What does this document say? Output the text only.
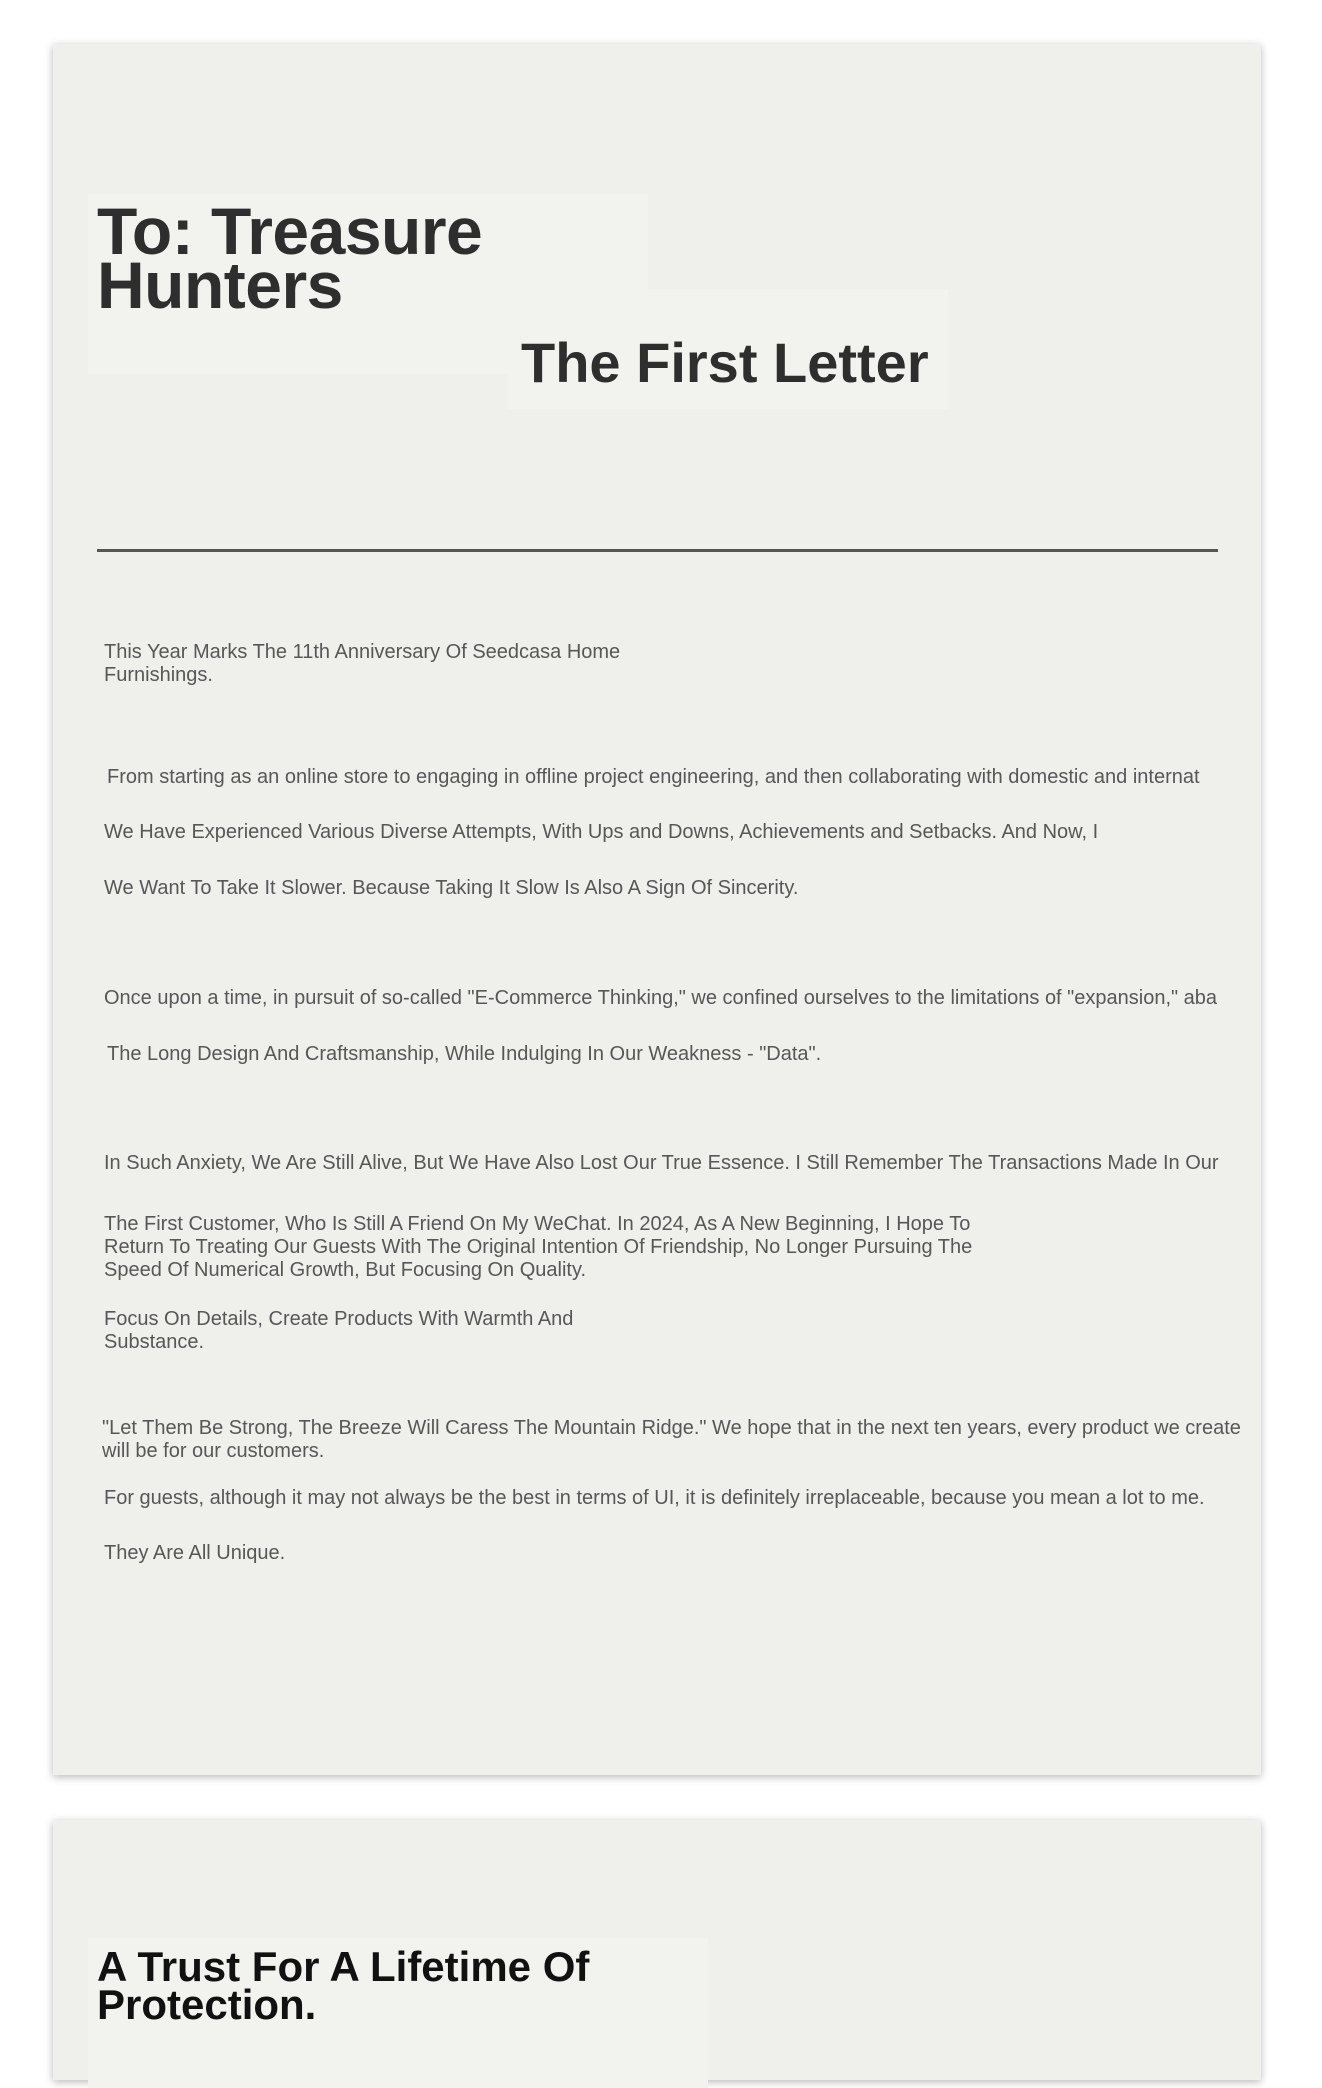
To: Treasure Hunters
The First Letter

This Year Marks The 11th Anniversary Of Seedcasa Home Furnishings.

From starting as an online store to engaging in offline project engineering, and then collaborating with domestic and internat

We Have Experienced Various Diverse Attempts, With Ups and Downs, Achievements and Setbacks. And Now, I

We Want To Take It Slower. Because Taking It Slow Is Also A Sign Of Sincerity.

Once upon a time, in pursuit of so-called "E-Commerce Thinking," we confined ourselves to the limitations of "expansion," aba

The Long Design And Craftsmanship, While Indulging In Our Weakness - "Data".

In Such Anxiety, We Are Still Alive, But We Have Also Lost Our True Essence. I Still Remember The Transactions Made In Our

The First Customer, Who Is Still A Friend On My WeChat. In 2024, As A New Beginning, I Hope To Return To Treating Our Guests With The Original Intention Of Friendship, No Longer Pursuing The Speed Of Numerical Growth, But Focusing On Quality.

Focus On Details, Create Products With Warmth And Substance.

"Let Them Be Strong, The Breeze Will Caress The Mountain Ridge." We hope that in the next ten years, every product we create will be for our customers.

For guests, although it may not always be the best in terms of UI, it is definitely irreplaceable, because you mean a lot to me.

They Are All Unique.

A Trust For A Lifetime Of Protection.
